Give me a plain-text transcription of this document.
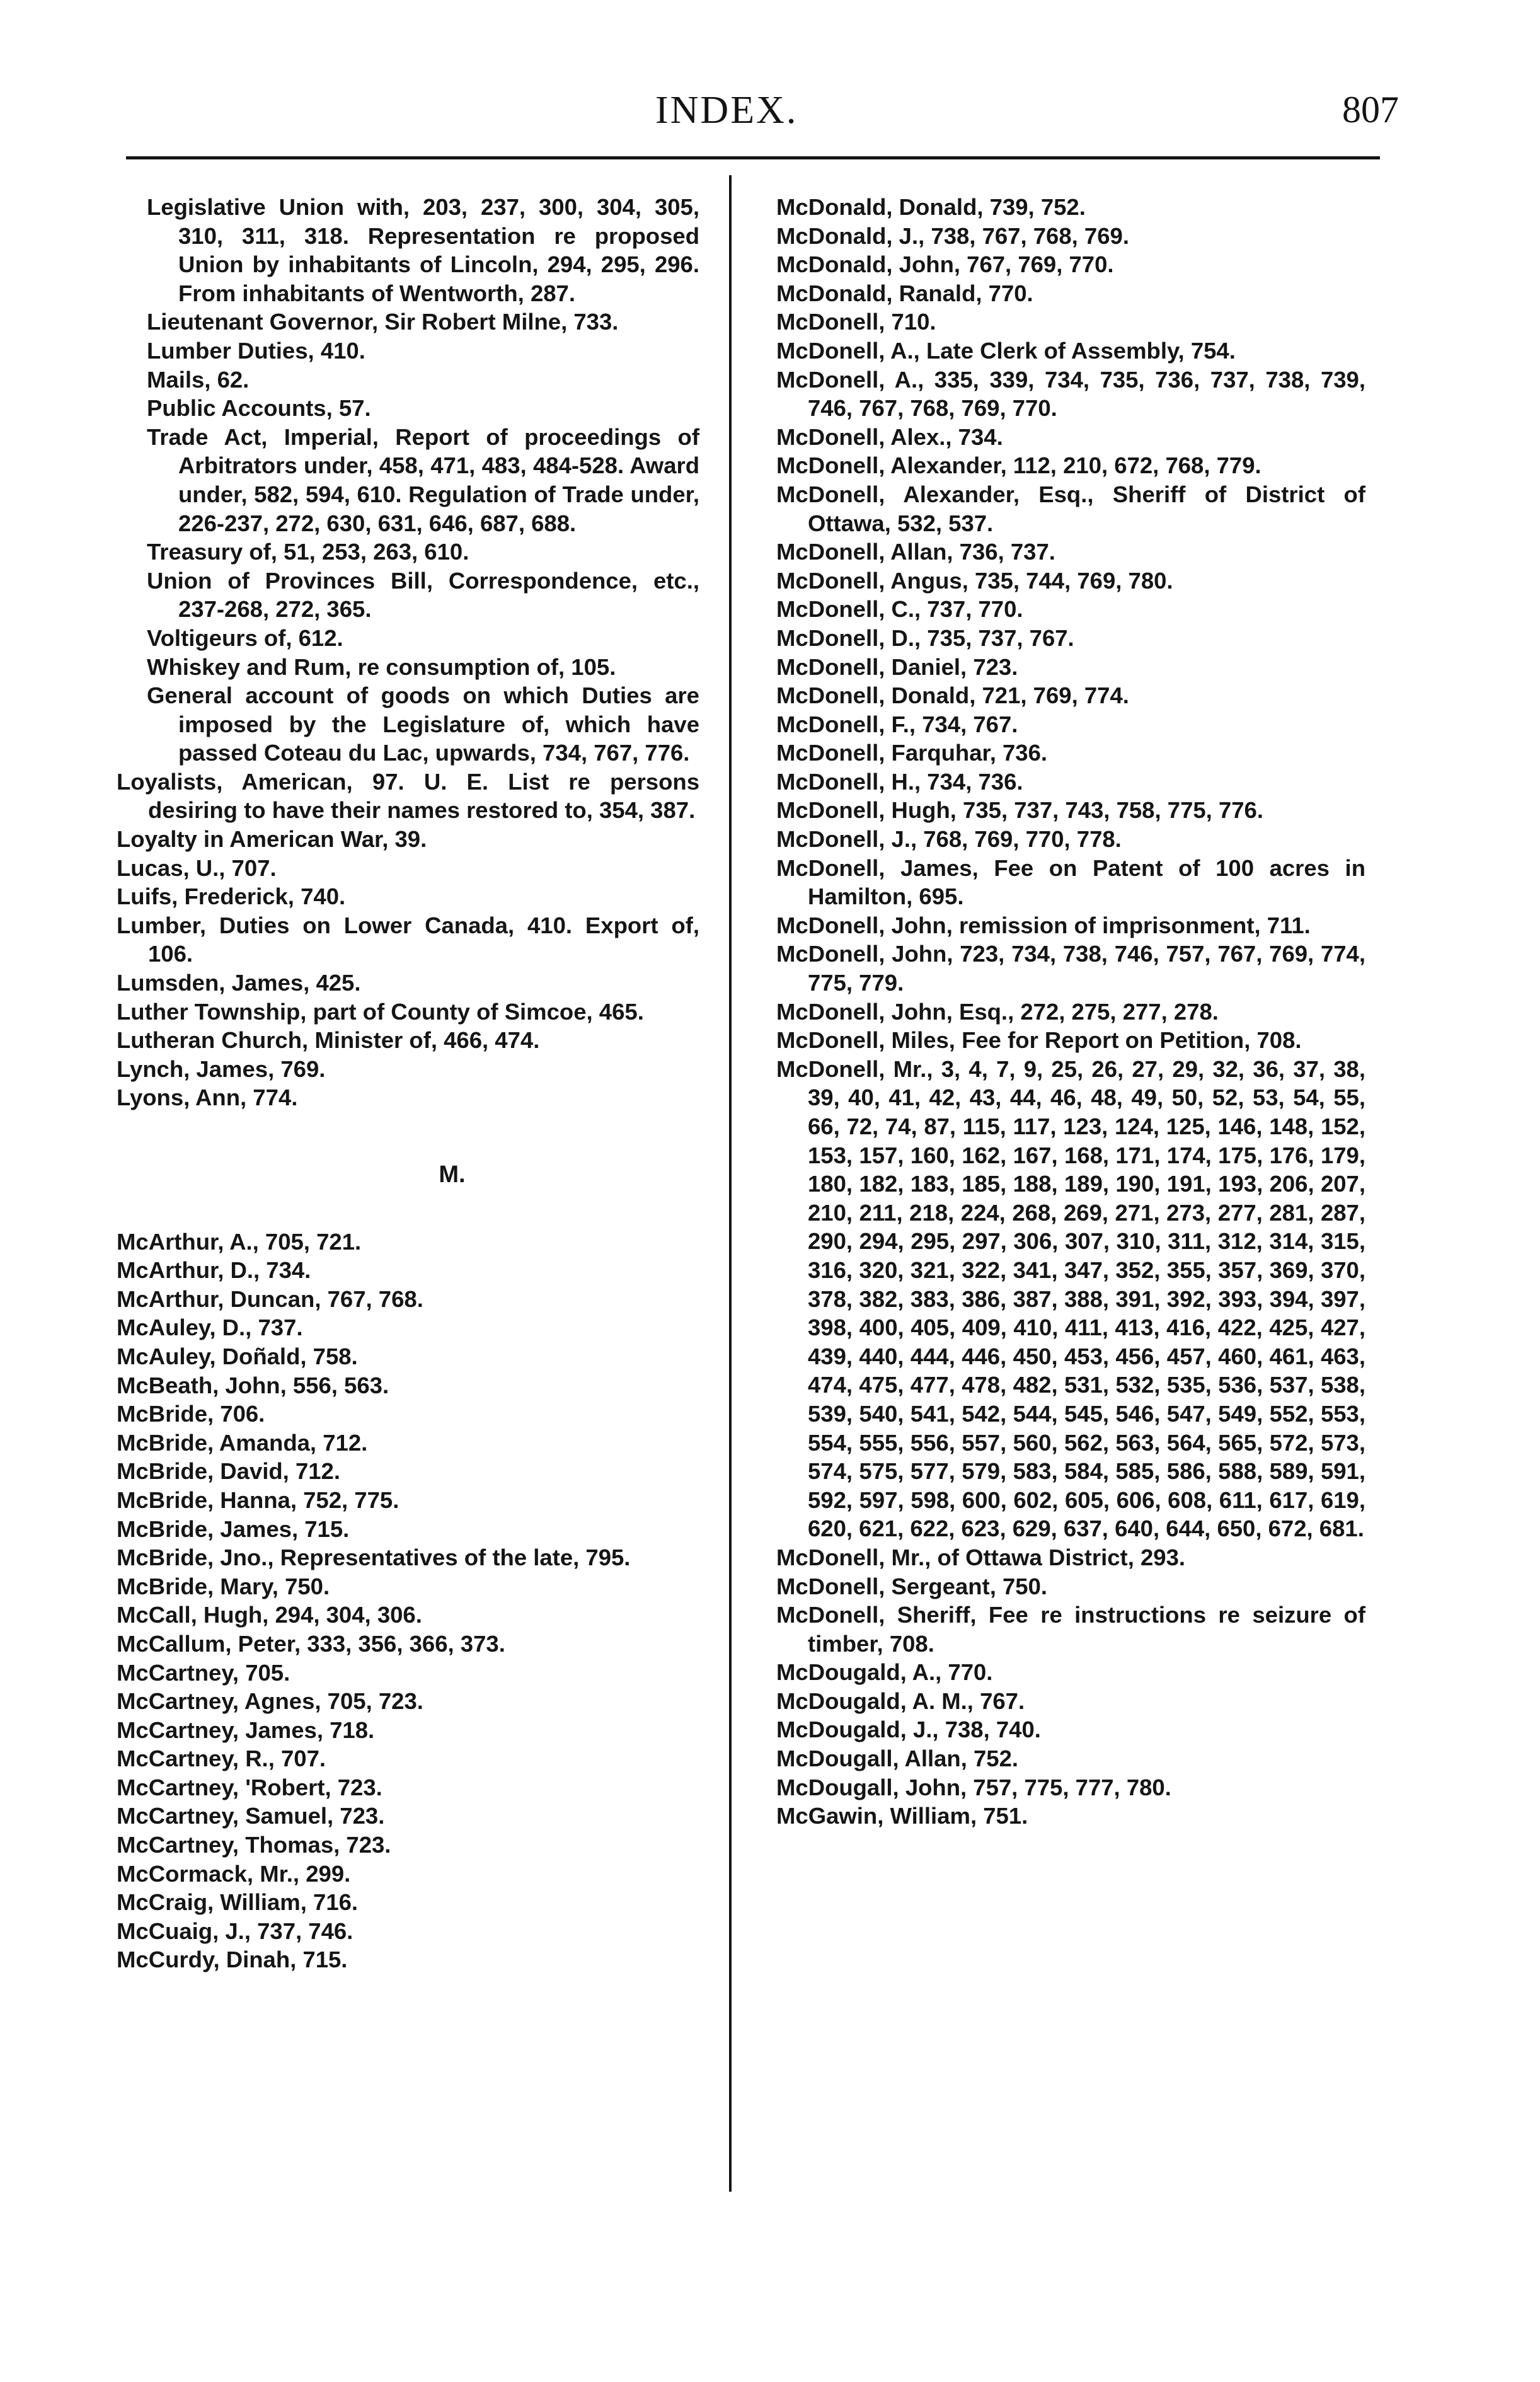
INDEX.	807

Legislative Union with, 203, 237, 300, 304, 305, 310, 311, 318. Representation re proposed Union by inhabitants of Lincoln, 294, 295, 296. From inhabitants of Wentworth, 287.

Lieutenant Governor, Sir Robert Milne, 733.

Lumber Duties, 410.

Mails, 62.

Public Accounts, 57.

Trade Act, Imperial, Report of proceedings of Arbitrators under, 458, 471, 483, 484-528. Award under, 582, 594, 610. Regulation of Trade under, 226-237, 272, 630, 631, 646, 687, 688.

Treasury of, 51, 253, 263, 610.

Union of Provinces Bill, Correspondence, etc., 237-268, 272, 365.

Voltigeurs of, 612.

Whiskey and Rum, re consumption of, 105.

General account of goods on which Duties are imposed by the Legislature of, which have passed Coteau du Lac, upwards, 734, 767, 776.

Loyalists, American, 97. U. E. List re persons desiring to have their names restored to, 354, 387.

Loyalty in American War, 39.

Lucas, U., 707.

Luifs, Frederick, 740.

Lumber, Duties on Lower Canada, 410. Export of, 106.

Lumsden, James, 425.

Luther Township, part of County of Simcoe, 465.

Lutheran Church, Minister of, 466, 474.

Lynch, James, 769.

Lyons, Ann, 774.

M.

McArthur, A., 705, 721.

McArthur, D., 734.

McArthur, Duncan, 767, 768.

McAuley, D., 737.

McAuley, Doñald, 758.

McBeath, John, 556, 563.

McBride, 706.

McBride, Amanda, 712.

McBride, David, 712.

McBride, Hanna, 752, 775.

McBride, James, 715.

McBride, Jno., Representatives of the late, 795.

McBride, Mary, 750.

McCall, Hugh, 294, 304, 306.

McCallum, Peter, 333, 356, 366, 373.

McCartney, 705.

McCartney, Agnes, 705, 723.

McCartney, James, 718.

McCartney, R., 707.

McCartney, 'Robert, 723.

McCartney, Samuel, 723.

McCartney, Thomas, 723.

McCormack, Mr., 299.

McCraig, William, 716.

McCuaig, J., 737, 746.

McCurdy, Dinah, 715.

McDonald, Donald, 739, 752.

McDonald, J., 738, 767, 768, 769.

McDonald, John, 767, 769, 770.

McDonald, Ranald, 770.

McDonell, 710.

McDonell, A., Late Clerk of Assembly, 754.

McDonell, A., 335, 339, 734, 735, 736, 737, 738, 739, 746, 767, 768, 769, 770.

McDonell, Alex., 734.

McDonell, Alexander, 112, 210, 672, 768, 779.

McDonell, Alexander, Esq., Sheriff of District of Ottawa, 532, 537.

McDonell, Allan, 736, 737.

McDonell, Angus, 735, 744, 769, 780.

McDonell, C., 737, 770.

McDonell, D., 735, 737, 767.

McDonell, Daniel, 723.

McDonell, Donald, 721, 769, 774.

McDonell, F., 734, 767.

McDonell, Farquhar, 736.

McDonell, H., 734, 736.

McDonell, Hugh, 735, 737, 743, 758, 775, 776.

McDonell, J., 768, 769, 770, 778.

McDonell, James, Fee on Patent of 100 acres in Hamilton, 695.

McDonell, John, remission of imprisonment, 711.

McDonell, John, 723, 734, 738, 746, 757, 767, 769, 774, 775, 779.

McDonell, John, Esq., 272, 275, 277, 278.

McDonell, Miles, Fee for Report on Petition, 708.

McDonell, Mr., 3, 4, 7, 9, 25, 26, 27, 29, 32, 36, 37, 38, 39, 40, 41, 42, 43, 44, 46, 48, 49, 50, 52, 53, 54, 55, 66, 72, 74, 87, 115, 117, 123, 124, 125, 146, 148, 152, 153, 157, 160, 162, 167, 168, 171, 174, 175, 176, 179, 180, 182, 183, 185, 188, 189, 190, 191, 193, 206, 207, 210, 211, 218, 224, 268, 269, 271, 273, 277, 281, 287, 290, 294, 295, 297, 306, 307, 310, 311, 312, 314, 315, 316, 320, 321, 322, 341, 347, 352, 355, 357, 369, 370, 378, 382, 383, 386, 387, 388, 391, 392, 393, 394, 397, 398, 400, 405, 409, 410, 411, 413, 416, 422, 425, 427, 439, 440, 444, 446, 450, 453, 456, 457, 460, 461, 463, 474, 475, 477, 478, 482, 531, 532, 535, 536, 537, 538, 539, 540, 541, 542, 544, 545, 546, 547, 549, 552, 553, 554, 555, 556, 557, 560, 562, 563, 564, 565, 572, 573, 574, 575, 577, 579, 583, 584, 585, 586, 588, 589, 591, 592, 597, 598, 600, 602, 605, 606, 608, 611, 617, 619, 620, 621, 622, 623, 629, 637, 640, 644, 650, 672, 681.

McDonell, Mr., of Ottawa District, 293.

McDonell, Sergeant, 750.

McDonell, Sheriff, Fee re instructions re seizure of timber, 708.

McDougald, A., 770.

McDougald, A. M., 767.

McDougald, J., 738, 740.

McDougall, Allan, 752.

McDougall, John, 757, 775, 777, 780.

McGawin, William, 751.
